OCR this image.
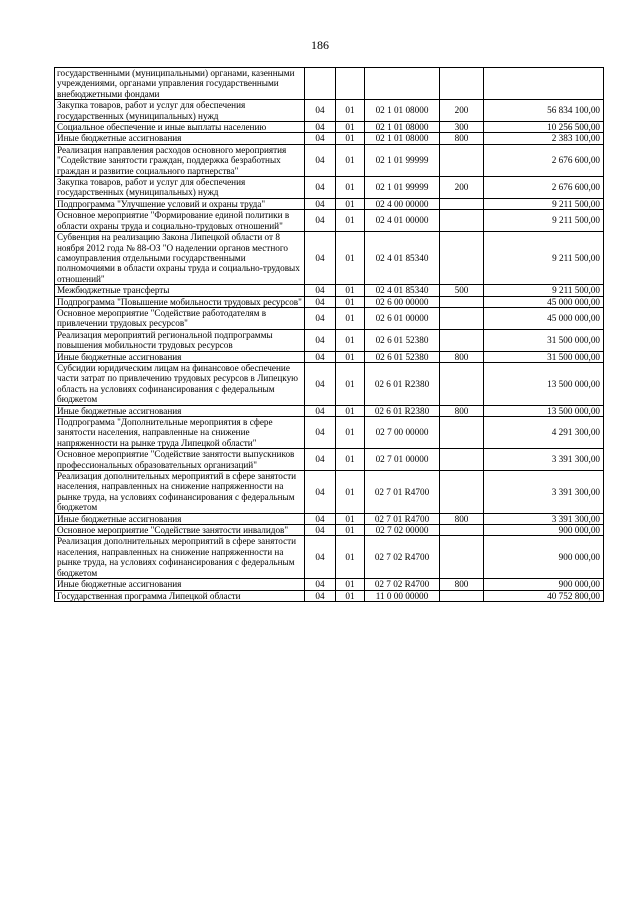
186
государственными (муниципальными) органами, казенными учреждениями, органами управления государственными внебюджетными фондами					
Закупка товаров, работ и услуг для обеспечения государственных (муниципальных) нужд	04	01	02 1 01 08000	200	56 834 100,00
Социальное обеспечение и иные выплаты населению	04	01	02 1 01 08000	300	10 256 500,00
Иные бюджетные ассигнования	04	01	02 1 01 08000	800	2 383 100,00
Реализация направления расходов основного мероприятия "Содействие занятости граждан, поддержка безработных граждан и развитие социального партнерства"	04	01	02 1 01 99999		2 676 600,00
Закупка товаров, работ и услуг для обеспечения государственных (муниципальных) нужд	04	01	02 1 01 99999	200	2 676 600,00
Подпрограмма "Улучшение условий и охраны труда"	04	01	02 4 00 00000		9 211 500,00
Основное мероприятие "Формирование единой политики в области охраны труда и социально-трудовых отношений"	04	01	02 4 01 00000		9 211 500,00
Субвенция на реализацию Закона Липецкой области от 8 ноября 2012 года № 88-ОЗ "О наделении органов местного самоуправления отдельными государственными полномочиями в области охраны труда и социально-трудовых отношений"	04	01	02 4 01 85340		9 211 500,00
Межбюджетные трансферты	04	01	02 4 01 85340	500	9 211 500,00
Подпрограмма "Повышение мобильности трудовых ресурсов"	04	01	02 6 00 00000		45 000 000,00
Основное мероприятие "Содействие работодателям в привлечении трудовых ресурсов"	04	01	02 6 01 00000		45 000 000,00
Реализация мероприятий региональной подпрограммы повышения мобильности трудовых ресурсов	04	01	02 6 01 52380		31 500 000,00
Иные бюджетные ассигнования	04	01	02 6 01 52380	800	31 500 000,00
Субсидии юридическим лицам на финансовое обеспечение части затрат по привлечению трудовых ресурсов в Липецкую область на условиях софинансирования с федеральным бюджетом	04	01	02 6 01 R2380		13 500 000,00
Иные бюджетные ассигнования	04	01	02 6 01 R2380	800	13 500 000,00
Подпрограмма "Дополнительные мероприятия в сфере занятости населения, направленные на снижение напряженности на рынке труда Липецкой области"	04	01	02 7 00 00000		4 291 300,00
Основное мероприятие "Содействие занятости выпускников профессиональных образовательных организаций"	04	01	02 7 01 00000		3 391 300,00
Реализация дополнительных мероприятий в сфере занятости населения, направленных на снижение напряженности на рынке труда, на условиях софинансирования с федеральным бюджетом	04	01	02 7 01 R4700		3 391 300,00
Иные бюджетные ассигнования	04	01	02 7 01 R4700	800	3 391 300,00
Основное мероприятие "Содействие занятости инвалидов"	04	01	02 7 02 00000		900 000,00
Реализация дополнительных мероприятий в сфере занятости населения, направленных на снижение напряженности на рынке труда, на условиях софинансирования с федеральным бюджетом	04	01	02 7 02 R4700		900 000,00
Иные бюджетные ассигнования	04	01	02 7 02 R4700	800	900 000,00
Государственная программа Липецкой области	04	01	11 0 00 00000		40 752 800,00
